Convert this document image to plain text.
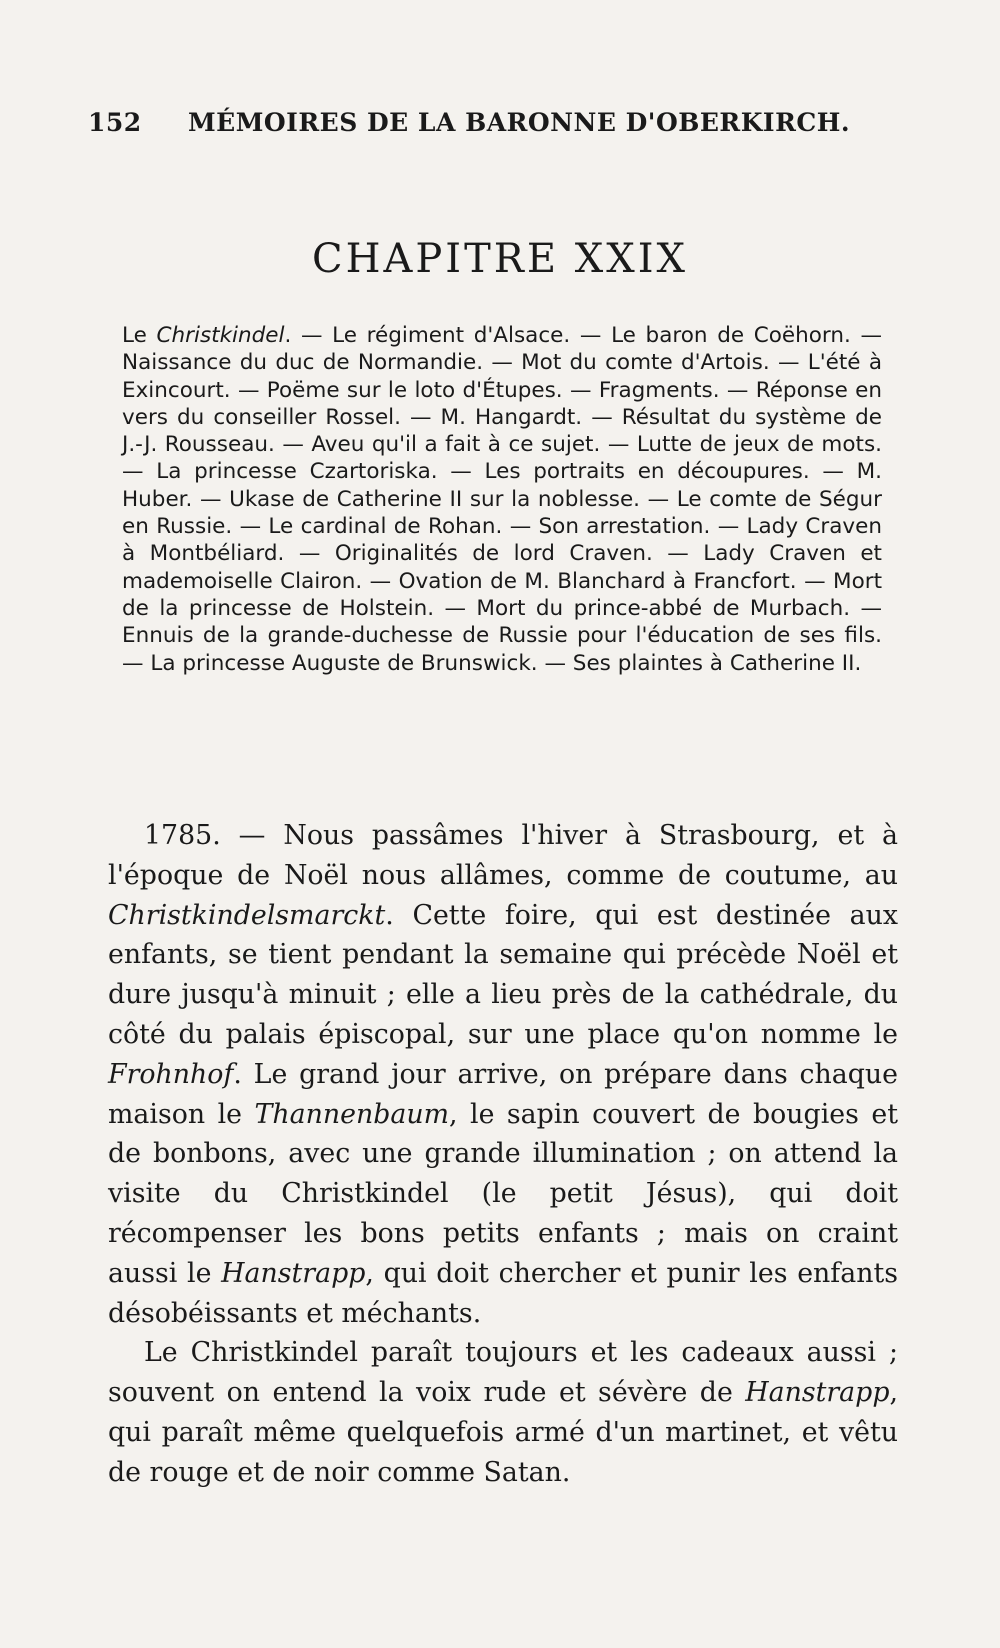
152 MÉMOIRES DE LA BARONNE D'OBERKIRCH.
CHAPITRE XXIX

Le Christkindel. — Le régiment d'Alsace. — Le baron de Coëhorn. — Naissance du duc de Normandie. — Mot du comte d'Artois. — L'été à Exincourt. — Poëme sur le loto d'Étupes. — Fragments. — Réponse en vers du conseiller Rossel. — M. Hangardt. — Résultat du système de J.-J. Rousseau. — Aveu qu'il a fait à ce sujet. — Lutte de jeux de mots. — La princesse Czartoriska. — Les portraits en découpures. — M. Huber. — Ukase de Catherine II sur la noblesse. — Le comte de Ségur en Russie. — Le cardinal de Rohan. — Son arrestation. — Lady Craven à Montbéliard. — Originalités de lord Craven. — Lady Craven et mademoiselle Clairon. — Ovation de M. Blanchard à Francfort. — Mort de la princesse de Holstein. — Mort du prince-abbé de Murbach. — Ennuis de la grande-duchesse de Russie pour l'éducation de ses fils. — La princesse Auguste de Brunswick. — Ses plaintes à Catherine II.

1785. — Nous passâmes l'hiver à Strasbourg, et à l'époque de Noël nous allâmes, comme de coutume, au Christkindelsmarckt. Cette foire, qui est destinée aux enfants, se tient pendant la semaine qui précède Noël et dure jusqu'à minuit ; elle a lieu près de la cathédrale, du côté du palais épiscopal, sur une place qu'on nomme le Frohnhof. Le grand jour arrive, on prépare dans chaque maison le Thannenbaum, le sapin couvert de bougies et de bonbons, avec une grande illumination ; on attend la visite du Christkindel (le petit Jésus), qui doit récompenser les bons petits enfants ; mais on craint aussi le Hanstrapp, qui doit chercher et punir les enfants désobéissants et méchants.

Le Christkindel paraît toujours et les cadeaux aussi ; souvent on entend la voix rude et sévère de Hanstrapp, qui paraît même quelquefois armé d'un martinet, et vêtu de rouge et de noir comme Satan.
